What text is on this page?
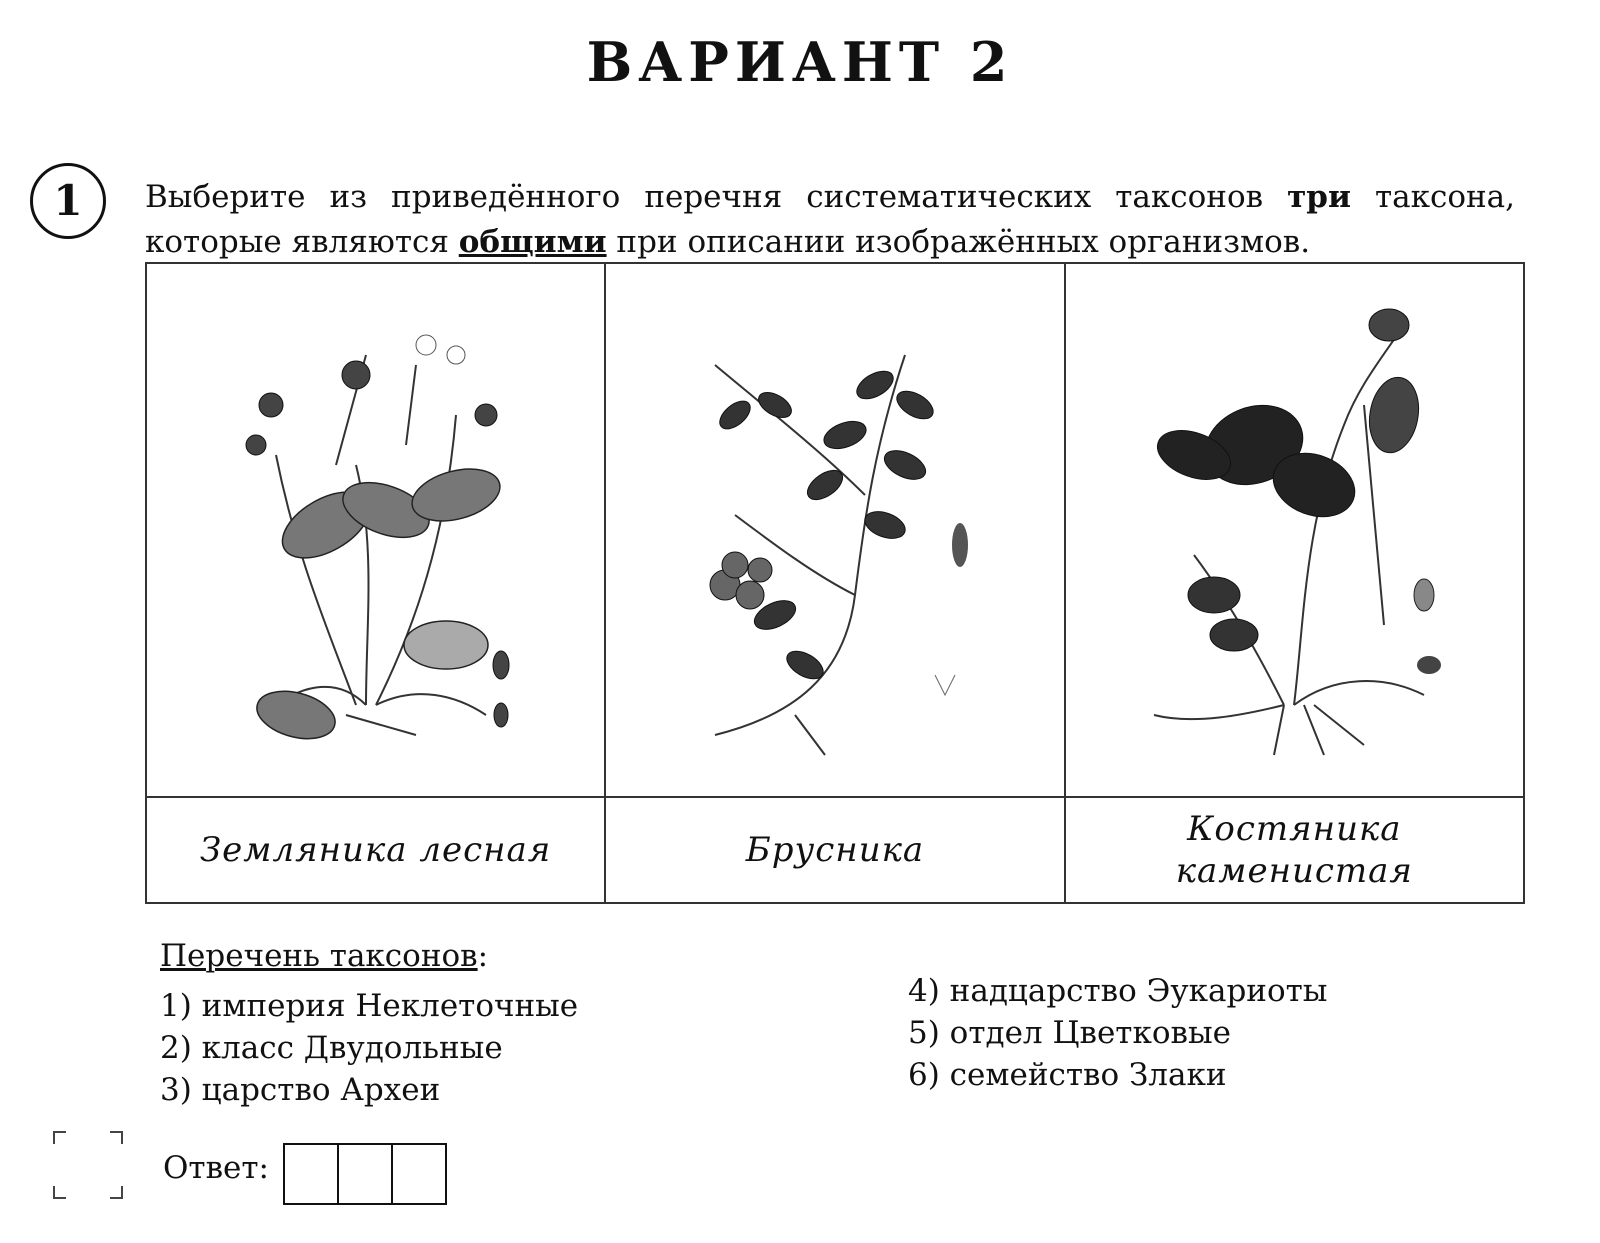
ВАРИАНТ 2
1	Выберите из приведённого перечня систематических таксонов три таксона, которые являются общими при описании изображённых организмов.

Земляника лесная	Брусника	Костяника каменистая
Перечень таксонов:
1) империя Неклеточные
2) класс Двудольные
3) царство Археи
4) надцарство Эукариоты
5) отдел Цветковые
6) семейство Злаки
Ответ:
